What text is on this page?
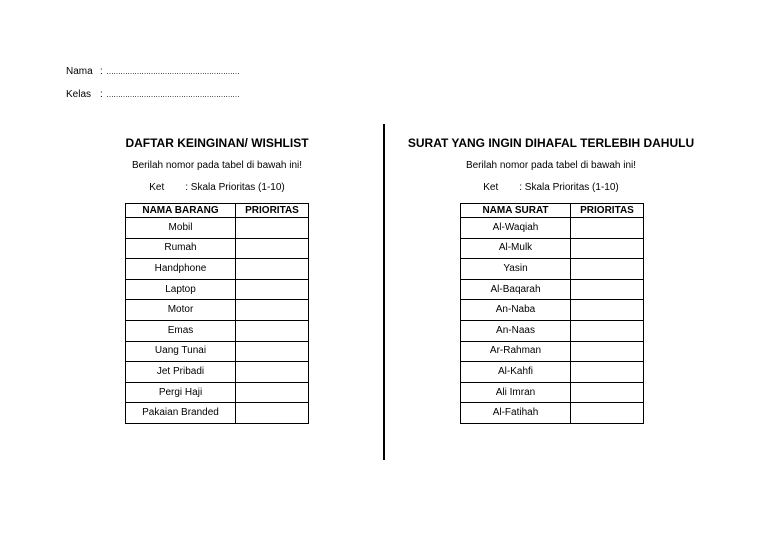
Nama : …………………………………………………
Kelas : …………………………………………………

DAFTAR KEINGINAN/ WISHLIST

Berilah nomor pada tabel di bawah ini!
Ket	: Skala Prioritas (1-10)
NAMA BARANG	PRIORITAS
Mobil	
Rumah	
Handphone	
Laptop	
Motor	
Emas	
Uang Tunai	
Jet Pribadi	
Pergi Haji	
Pakaian Branded	

SURAT YANG INGIN DIHAFAL TERLEBIH DAHULU

Berilah nomor pada tabel di bawah ini!
Ket	: Skala Prioritas (1-10)
NAMA SURAT	PRIORITAS
Al-Waqiah	
Al-Mulk	
Yasin	
Al-Baqarah	
An-Naba	
An-Naas	
Ar-Rahman	
Al-Kahfi	
Ali Imran	
Al-Fatihah	
